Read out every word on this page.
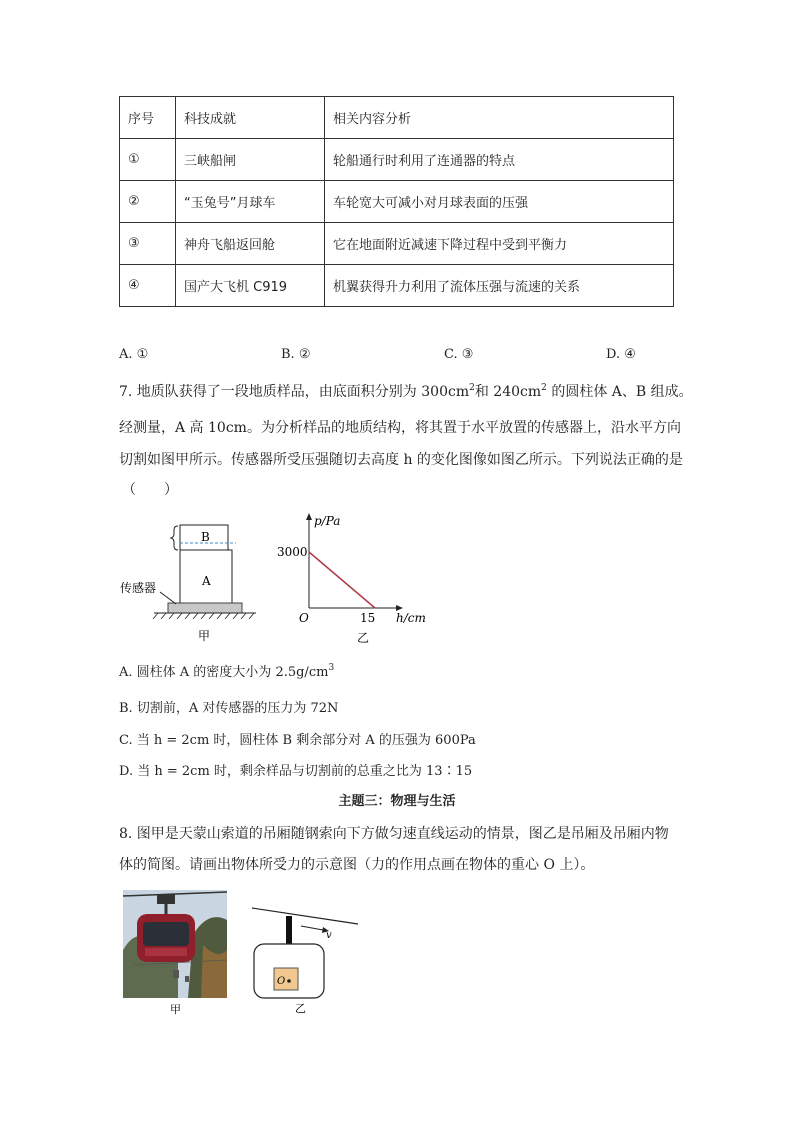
序号	科技成就	相关内容分析
①	三峡船闸	轮船通行时利用了连通器的特点
②	“玉兔号”月球车	车轮宽大可减小对月球表面的压强
③	神舟飞船返回舱	它在地面附近减速下降过程中受到平衡力
④	国产大飞机 C919	机翼获得升力利用了流体压强与流速的关系
A. ①	B. ②	C. ③	D. ④
7. 地质队获得了一段地质样品，由底面积分别为 $300cm^2$和 $240cm^2$ 的圆柱体 A、B 组成。
经测量，A 高 10cm。为分析样品的地质结构，将其置于水平放置的传感器上，沿水平方向
切割如图甲所示。传感器所受压强随切去高度 h 的变化图像如图乙所示。下列说法正确的是
（　　）
B
A
传感器
甲
p/Pa
h/cm
O
3000
15
乙
A. 圆柱体 A 的密度大小为 $2.5g/cm^3$
B. 切割前，A 对传感器的压力为 72N
C. 当 h = 2cm 时，圆柱体 B 剩余部分对 A 的压强为 600Pa
D. 当 h = 2cm 时，剩余样品与切割前的总重之比为 13∶15
主题三：物理与生活
8. 图甲是天蒙山索道的吊厢随钢索向下方做匀速直线运动的情景，图乙是吊厢及吊厢内物
体的简图。请画出物体所受力的示意图（力的作用点画在物体的重心 O 上）。
甲
v
O
乙
